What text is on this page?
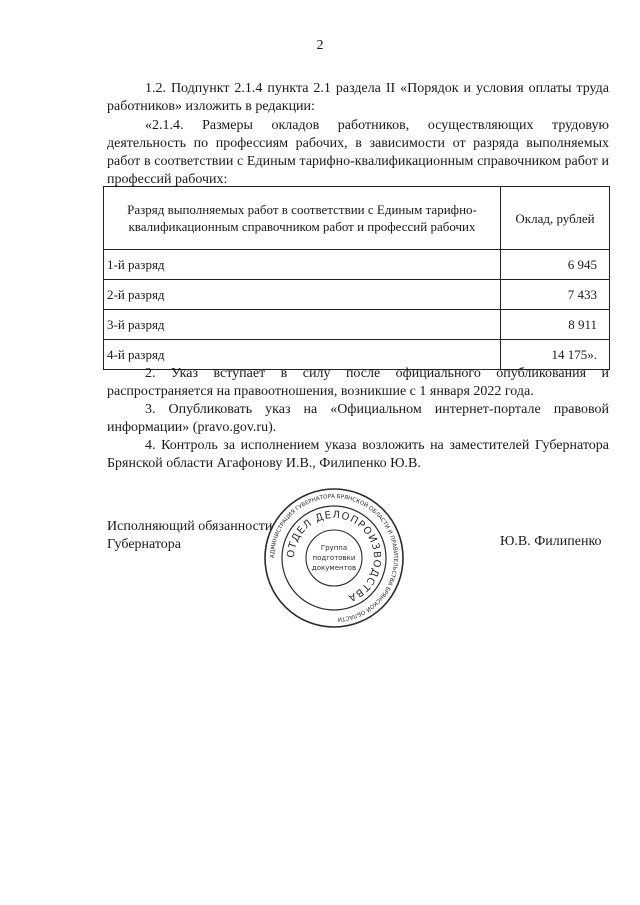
2

1.2. Подпункт 2.1.4 пункта 2.1 раздела II «Порядок и условия оплаты труда работников» изложить в редакции:

«2.1.4. Размеры окладов работников, осуществляющих трудовую деятельность по профессиям рабочих, в зависимости от разряда выполняемых работ в соответствии с Единым тарифно-квалификационным справочником работ и профессий рабочих:

Разряд выполняемых работ в соответствии с Единым тарифно-квалификационным справочником работ и профессий рабочих	Оклад, рублей
1-й разряд	6 945
2-й разряд	7 433
3-й разряд	8 911
4-й разряд	14 175».

2. Указ вступает в силу после официального опубликования и распространяется на правоотношения, возникшие с 1 января 2022 года.

3. Опубликовать указ на «Официальном интернет-портале правовой информации» (pravo.gov.ru).

4. Контроль за исполнением указа возложить на заместителей Губернатора Брянской области Агафонову И.В., Филипенко Ю.В.

Исполняющий обязанности
Губернатора	Ю.В. Филипенко
АДМИНИСТРАЦИЯ ГУБЕРНАТОРА БРЯНСКОЙ ОБЛАСТИ И ПРАВИТЕЛЬСТВА БРЯНСКОЙ ОБЛАСТИ
ОТДЕЛ ДЕЛОПРОИЗВОДСТВА
Группа
подготовки
документов
